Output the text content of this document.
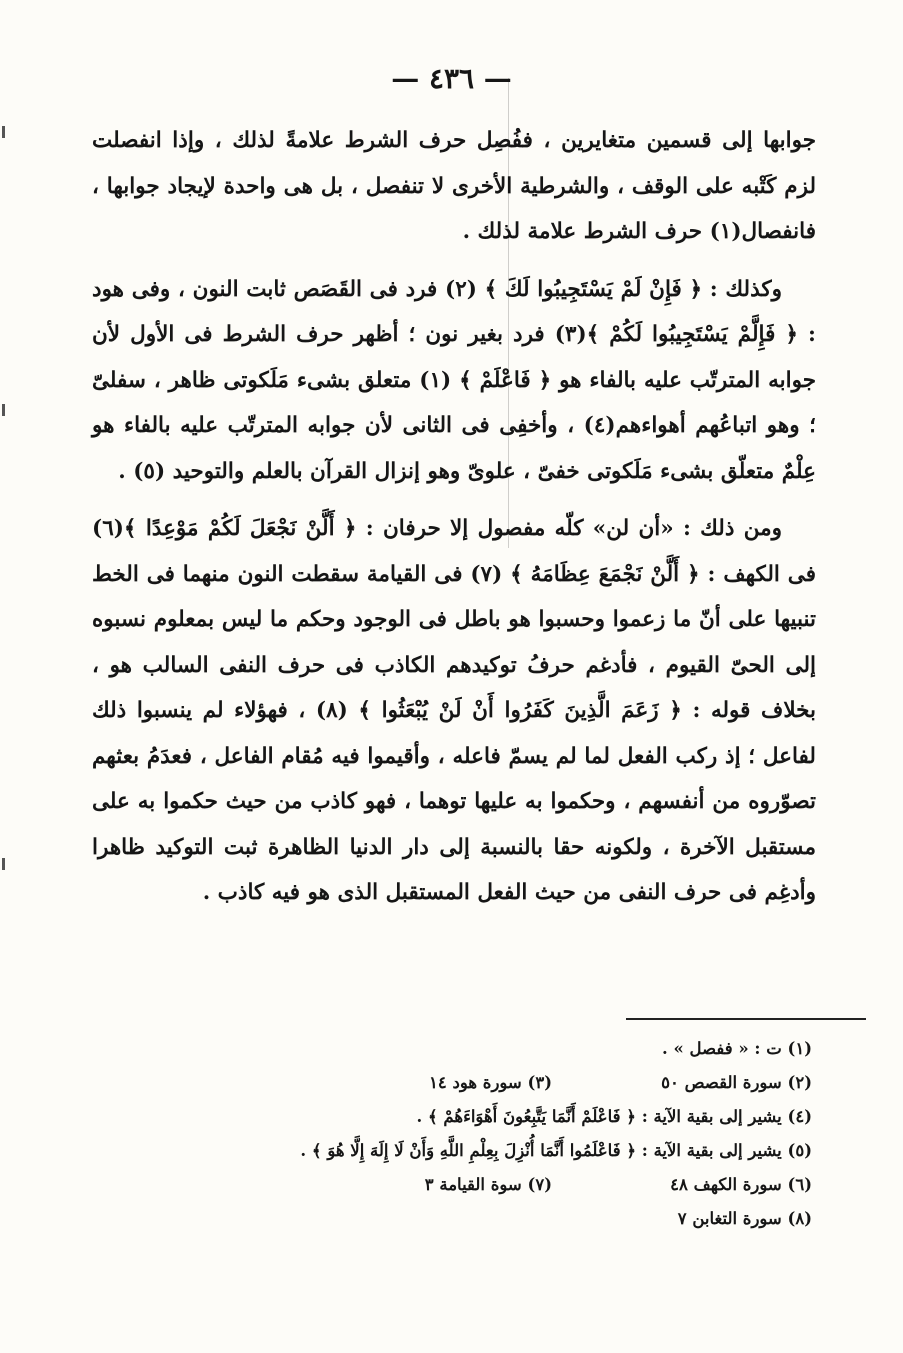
— ٤٣٦ —

جوابها إلى قسمين متغايرين ، ففُصِل حرف الشرط علامةً لذلك ، وإذا انفصلت لزم كَتْبه على الوقف ، والشرطية الأخرى لا تنفصل ، بل هى واحدة لإيجاد جوابها ، فانفصال(١) حرف الشرط علامة لذلك .

وكذلك : ﴿ فَإِنْ لَمْ يَسْتَجِيبُوا لَكَ ﴾ (٢) فرد فى القَصَص ثابت النون ، وفى هود : ﴿ فَإِلَّمْ يَسْتَجِيبُوا لَكُمْ ﴾(٣) فرد بغير نون ؛ أظهر حرف الشرط فى الأول لأن جوابه المترتّب عليه بالفاء هو ﴿ فَاعْلَمْ ﴾ (١) متعلق بشىء مَلَكوتى ظاهر ، سفلىّ ؛ وهو اتباعُهم أهواءهم(٤) ، وأخفِى فى الثانى لأن جوابه المترتّب عليه بالفاء هو عِلْمٌ متعلّق بشىء مَلَكوتى خفىّ ، علوىّ وهو إنزال القرآن بالعلم والتوحيد (٥) .

ومن ذلك : «أن لن» كلّه مفصول إلا حرفان : ﴿ أَلَّنْ نَجْعَلَ لَكُمْ مَوْعِدًا ﴾(٦) فى الكهف : ﴿ أَلَّنْ نَجْمَعَ عِظَامَهُ ﴾ (٧) فى القيامة سقطت النون منهما فى الخط تنبيها على أنّ ما زعموا وحسبوا هو باطل فى الوجود وحكم ما ليس بمعلوم نسبوه إلى الحىّ القيوم ، فأدغم حرفُ توكيدهم الكاذب فى حرف النفى السالب هو ، بخلاف قوله : ﴿ زَعَمَ الَّذِينَ كَفَرُوا أَنْ لَنْ يُبْعَثُوا ﴾ (٨) ، فهؤلاء لم ينسبوا ذلك لفاعل ؛ إذ ركب الفعل لما لم يسمّ فاعله ، وأقيموا فيه مُقام الفاعل ، فعدَمُ بعثهم تصوّروه من أنفسهم ، وحكموا به عليها توهما ، فهو كاذب من حيث حكموا به على مستقبل الآخرة ، ولكونه حقا بالنسبة إلى دار الدنيا الظاهرة ثبت التوكيد ظاهرا وأدغِم فى حرف النفى من حيث الفعل المستقبل الذى هو فيه كاذب .

(١) ت : « ففصل » .
(٢) سورة القصص ٥٠
(٣) سورة هود ١٤
(٤) يشير إلى بقية الآية : ﴿ فَاعْلَمْ أَنَّمَا يَتَّبِعُونَ أَهْوَاءَهُمْ ﴾ .
(٥) يشير إلى بقية الآية : ﴿ فَاعْلَمُوا أَنَّمَا أُنْزِلَ بِعِلْمِ اللَّهِ وَأَنْ لَا إِلَهَ إِلَّا هُوَ ﴾ .
(٦) سورة الكهف ٤٨
(٧) سوة القيامة ٣
(٨) سورة التغابن ٧
